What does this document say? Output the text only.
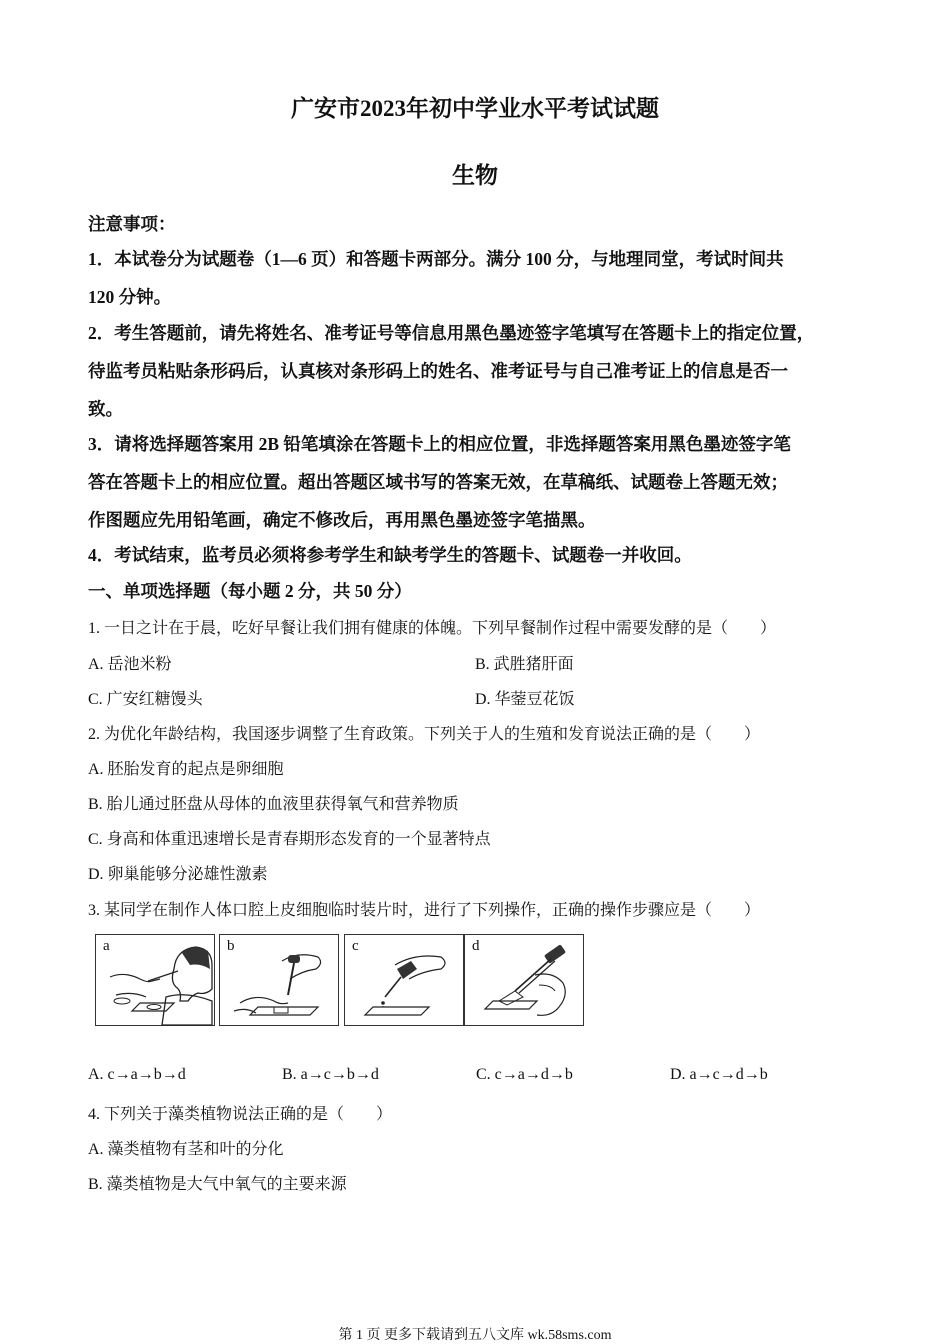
广安市2023年初中学业水平考试试题
生物
注意事项：
1．本试卷分为试题卷（1—6 页）和答题卡两部分。满分 100 分，与地理同堂，考试时间共
120 分钟。
2．考生答题前，请先将姓名、准考证号等信息用黑色墨迹签字笔填写在答题卡上的指定位置，
待监考员粘贴条形码后，认真核对条形码上的姓名、准考证号与自己准考证上的信息是否一
致。
3．请将选择题答案用 2B 铅笔填涂在答题卡上的相应位置，非选择题答案用黑色墨迹签字笔
答在答题卡上的相应位置。超出答题区域书写的答案无效，在草稿纸、试题卷上答题无效；
作图题应先用铅笔画，确定不修改后，再用黑色墨迹签字笔描黑。
4．考试结束，监考员必须将参考学生和缺考学生的答题卡、试题卷一并收回。
一、单项选择题（每小题 2 分，共 50 分）
1. 一日之计在于晨，吃好早餐让我们拥有健康的体魄。下列早餐制作过程中需要发酵的是（　　）
A. 岳池米粉	B. 武胜猪肝面
C. 广安红糖馒头	D. 华蓥豆花饭
2. 为优化年龄结构，我国逐步调整了生育政策。下列关于人的生殖和发育说法正确的是（　　）
A. 胚胎发育的起点是卵细胞
B. 胎儿通过胚盘从母体的血液里获得氧气和营养物质
C. 身高和体重迅速增长是青春期形态发育的一个显著特点
D. 卵巢能够分泌雄性激素
3. 某同学在制作人体口腔上皮细胞临时装片时，进行了下列操作，正确的操作步骤应是（　　）
a	b	c	d
A. c→a→b→d	B. a→c→b→d	C. c→a→d→b	D. a→c→d→b
4. 下列关于藻类植物说法正确的是（　　）
A. 藻类植物有茎和叶的分化
B. 藻类植物是大气中氧气的主要来源
第 1 页 更多下载请到五八文库 wk.58sms.com
